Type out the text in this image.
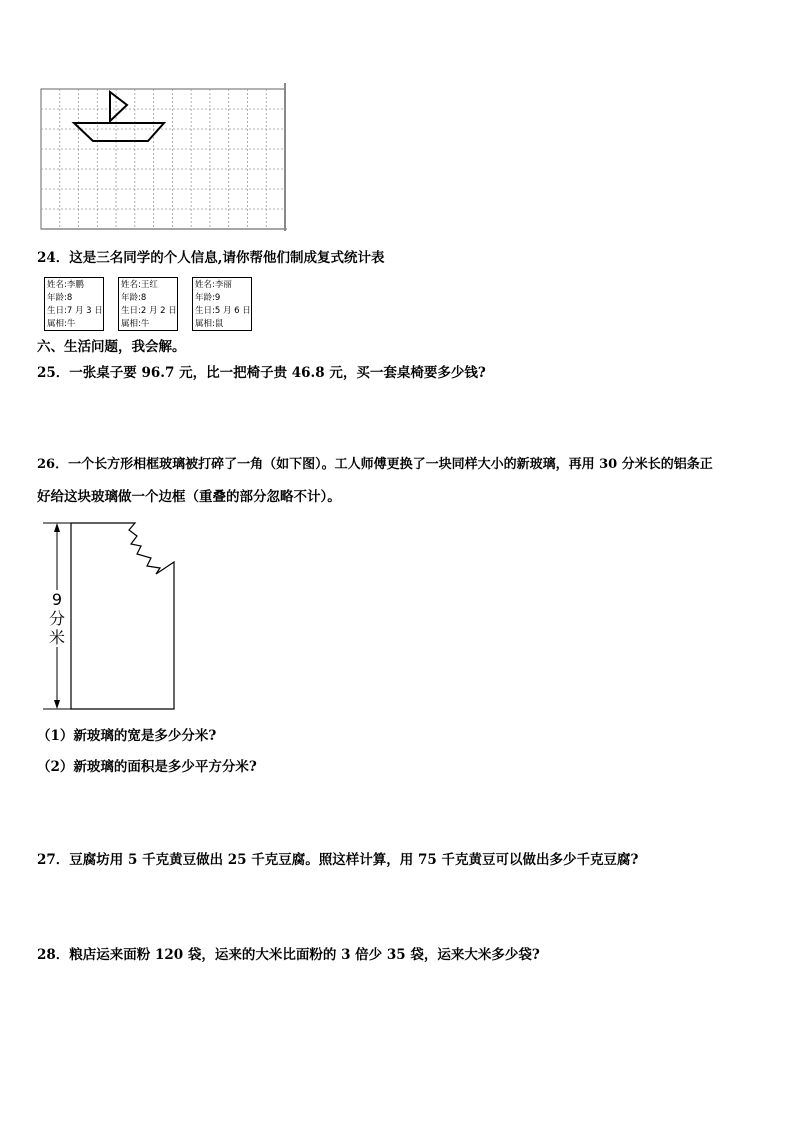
24．这是三名同学的个人信息,请你帮他们制成复式统计表
姓名:李鹏
年龄:8
生日:7 月 3 日
属相:牛
姓名:王红
年龄:8
生日:2 月 2 日
属相:牛
姓名:李丽
年龄:9
生日:5 月 6 日
属相:鼠
六、生活问题，我会解。
25．一张桌子要 96.7 元，比一把椅子贵 46.8 元，买一套桌椅要多少钱?
26．一个长方形相框玻璃被打碎了一角（如下图）。工人师傅更换了一块同样大小的新玻璃，再用 30 分米长的铝条正
好给这块玻璃做一个边框（重叠的部分忽略不计）。
9
分
米
（1）新玻璃的宽是多少分米?
（2）新玻璃的面积是多少平方分米?
27．豆腐坊用 5 千克黄豆做出 25 千克豆腐。照这样计算，用 75 千克黄豆可以做出多少千克豆腐?
28．粮店运来面粉 120 袋，运来的大米比面粉的 3 倍少 35 袋，运来大米多少袋?
